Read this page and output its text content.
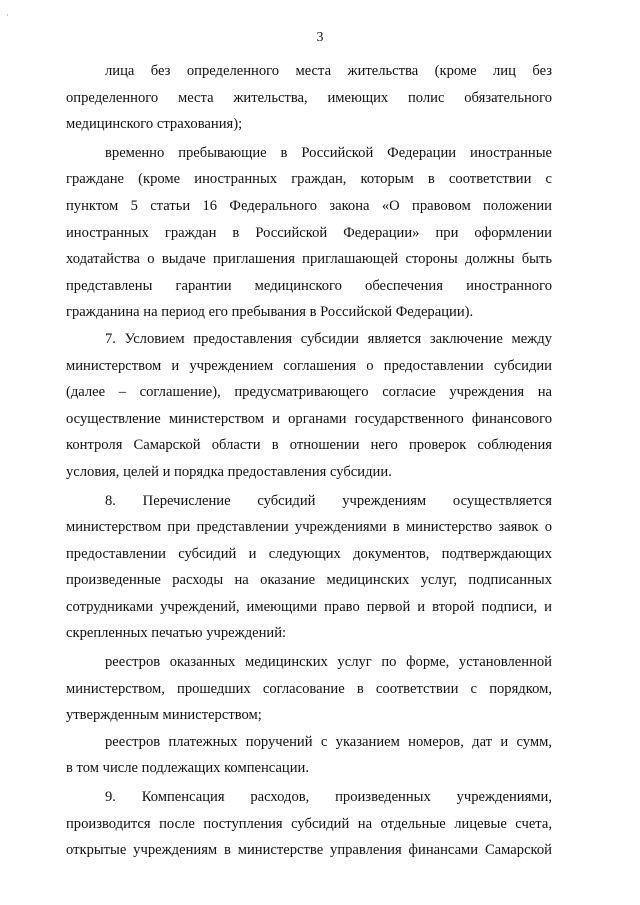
·
3
лица без определенного места жительства (кроме лиц без
определенного места жительства, имеющих полис обязательного
медицинского страхования);
временно пребывающие в Российской Федерации иностранные
граждане (кроме иностранных граждан, которым в соответствии с
пунктом 5 статьи 16 Федерального закона «О правовом положении
иностранных граждан в Российской Федерации» при оформлении
ходатайства о выдаче приглашения приглашающей стороны должны быть
представлены гарантии медицинского обеспечения иностранного
гражданина на период его пребывания в Российской Федерации).
7. Условием предоставления субсидии является заключение между
министерством и учреждением соглашения о предоставлении субсидии
(далее – соглашение), предусматривающего согласие учреждения на
осуществление министерством и органами государственного финансового
контроля Самарской области в отношении него проверок соблюдения
условия, целей и порядка предоставления субсидии.
8. Перечисление субсидий учреждениям осуществляется
министерством при представлении учреждениями в министерство заявок о
предоставлении субсидий и следующих документов, подтверждающих
произведенные расходы на оказание медицинских услуг, подписанных
сотрудниками учреждений, имеющими право первой и второй подписи, и
скрепленных печатью учреждений:
реестров оказанных медицинских услуг по форме, установленной
министерством, прошедших согласование в соответствии с порядком,
утвержденным министерством;
реестров платежных поручений с указанием номеров, дат и сумм,
в том числе подлежащих компенсации.
9. Компенсация расходов, произведенных учреждениями,
производится после поступления субсидий на отдельные лицевые счета,
открытые учреждениям в министерстве управления финансами Самарской
